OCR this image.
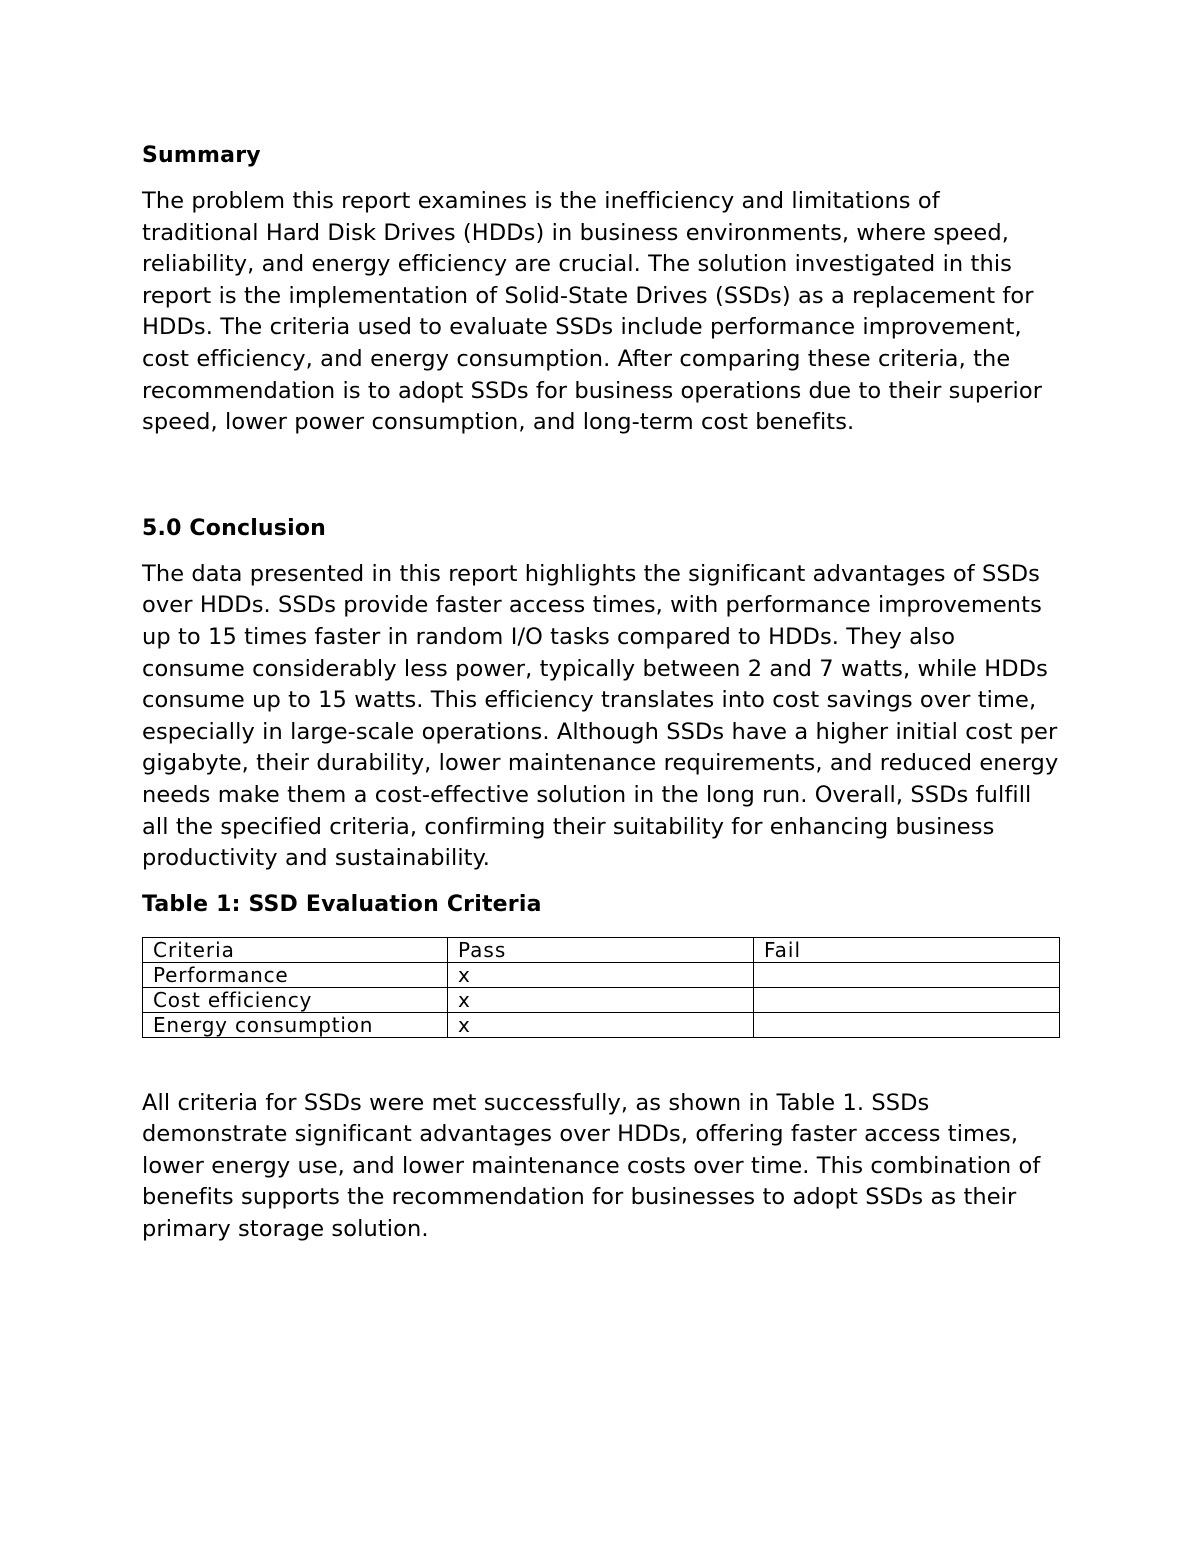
Summary

The problem this report examines is the inefficiency and limitations of traditional Hard Disk Drives (HDDs) in business environments, where speed, reliability, and energy efficiency are crucial. The solution investigated in this report is the implementation of Solid-State Drives (SSDs) as a replacement for HDDs. The criteria used to evaluate SSDs include performance improvement, cost efficiency, and energy consumption. After comparing these criteria, the recommendation is to adopt SSDs for business operations due to their superior speed, lower power consumption, and long-term cost benefits.

5.0 Conclusion

The data presented in this report highlights the significant advantages of SSDs over HDDs. SSDs provide faster access times, with performance improvements up to 15 times faster in random I/O tasks compared to HDDs. They also consume considerably less power, typically between 2 and 7 watts, while HDDs consume up to 15 watts. This efficiency translates into cost savings over time, especially in large-scale operations. Although SSDs have a higher initial cost per gigabyte, their durability, lower maintenance requirements, and reduced energy needs make them a cost-effective solution in the long run. Overall, SSDs fulfill all the specified criteria, confirming their suitability for enhancing business productivity and sustainability.

Table 1: SSD Evaluation Criteria
Criteria	Pass	Fail
Performance	x	
Cost efficiency	x	
Energy consumption	x	

All criteria for SSDs were met successfully, as shown in Table 1. SSDs demonstrate significant advantages over HDDs, offering faster access times, lower energy use, and lower maintenance costs over time. This combination of benefits supports the recommendation for businesses to adopt SSDs as their primary storage solution.
